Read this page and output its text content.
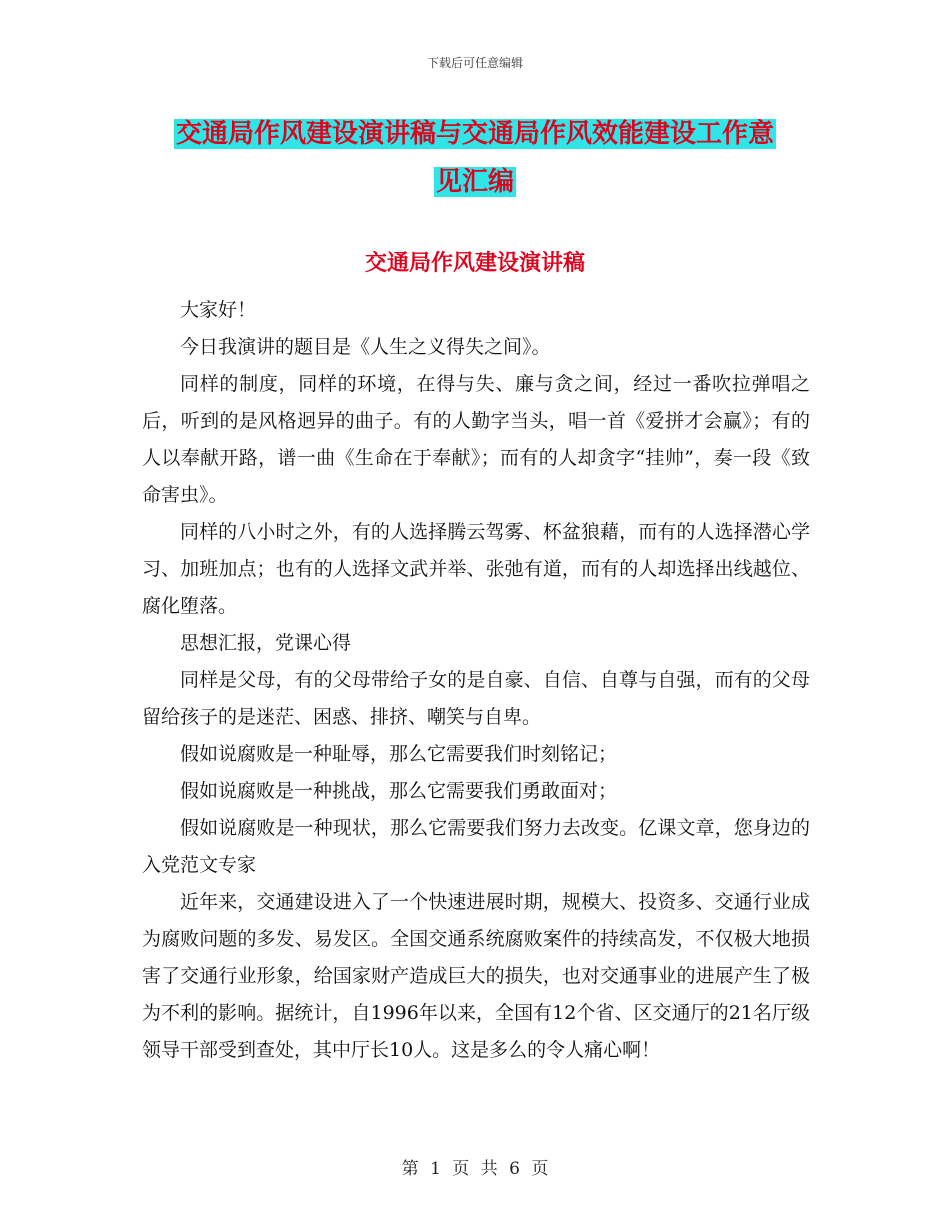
下载后可任意编辑
交通局作风建设演讲稿与交通局作风效能建设工作意
见汇编
交通局作风建设演讲稿

大家好！

今日我演讲的题目是《人生之义得失之间》。

同样的制度，同样的环境，在得与失、廉与贪之间，经过一番吹拉弹唱之后，听到的是风格迥异的曲子。有的人勤字当头，唱一首《爱拼才会赢》；有的人以奉献开路，谱一曲《生命在于奉献》；而有的人却贪字“挂帅”，奏一段《致命害虫》。

同样的八小时之外，有的人选择腾云驾雾、杯盆狼藉，而有的人选择潜心学习、加班加点；也有的人选择文武并举、张弛有道，而有的人却选择出线越位、腐化堕落。

思想汇报，党课心得

同样是父母，有的父母带给子女的是自豪、自信、自尊与自强，而有的父母留给孩子的是迷茫、困惑、排挤、嘲笑与自卑。

假如说腐败是一种耻辱，那么它需要我们时刻铭记；

假如说腐败是一种挑战，那么它需要我们勇敢面对；

假如说腐败是一种现状，那么它需要我们努力去改变。亿课文章，您身边的入党范文专家

近年来，交通建设进入了一个快速进展时期，规模大、投资多、交通行业成为腐败问题的多发、易发区。全国交通系统腐败案件的持续高发，不仅极大地损害了交通行业形象，给国家财产造成巨大的损失，也对交通事业的进展产生了极为不利的影响。据统计，自1996年以来，全国有12个省、区交通厅的21名厅级领导干部受到查处，其中厅长10人。这是多么的令人痛心啊！

第 1 页 共 6 页
